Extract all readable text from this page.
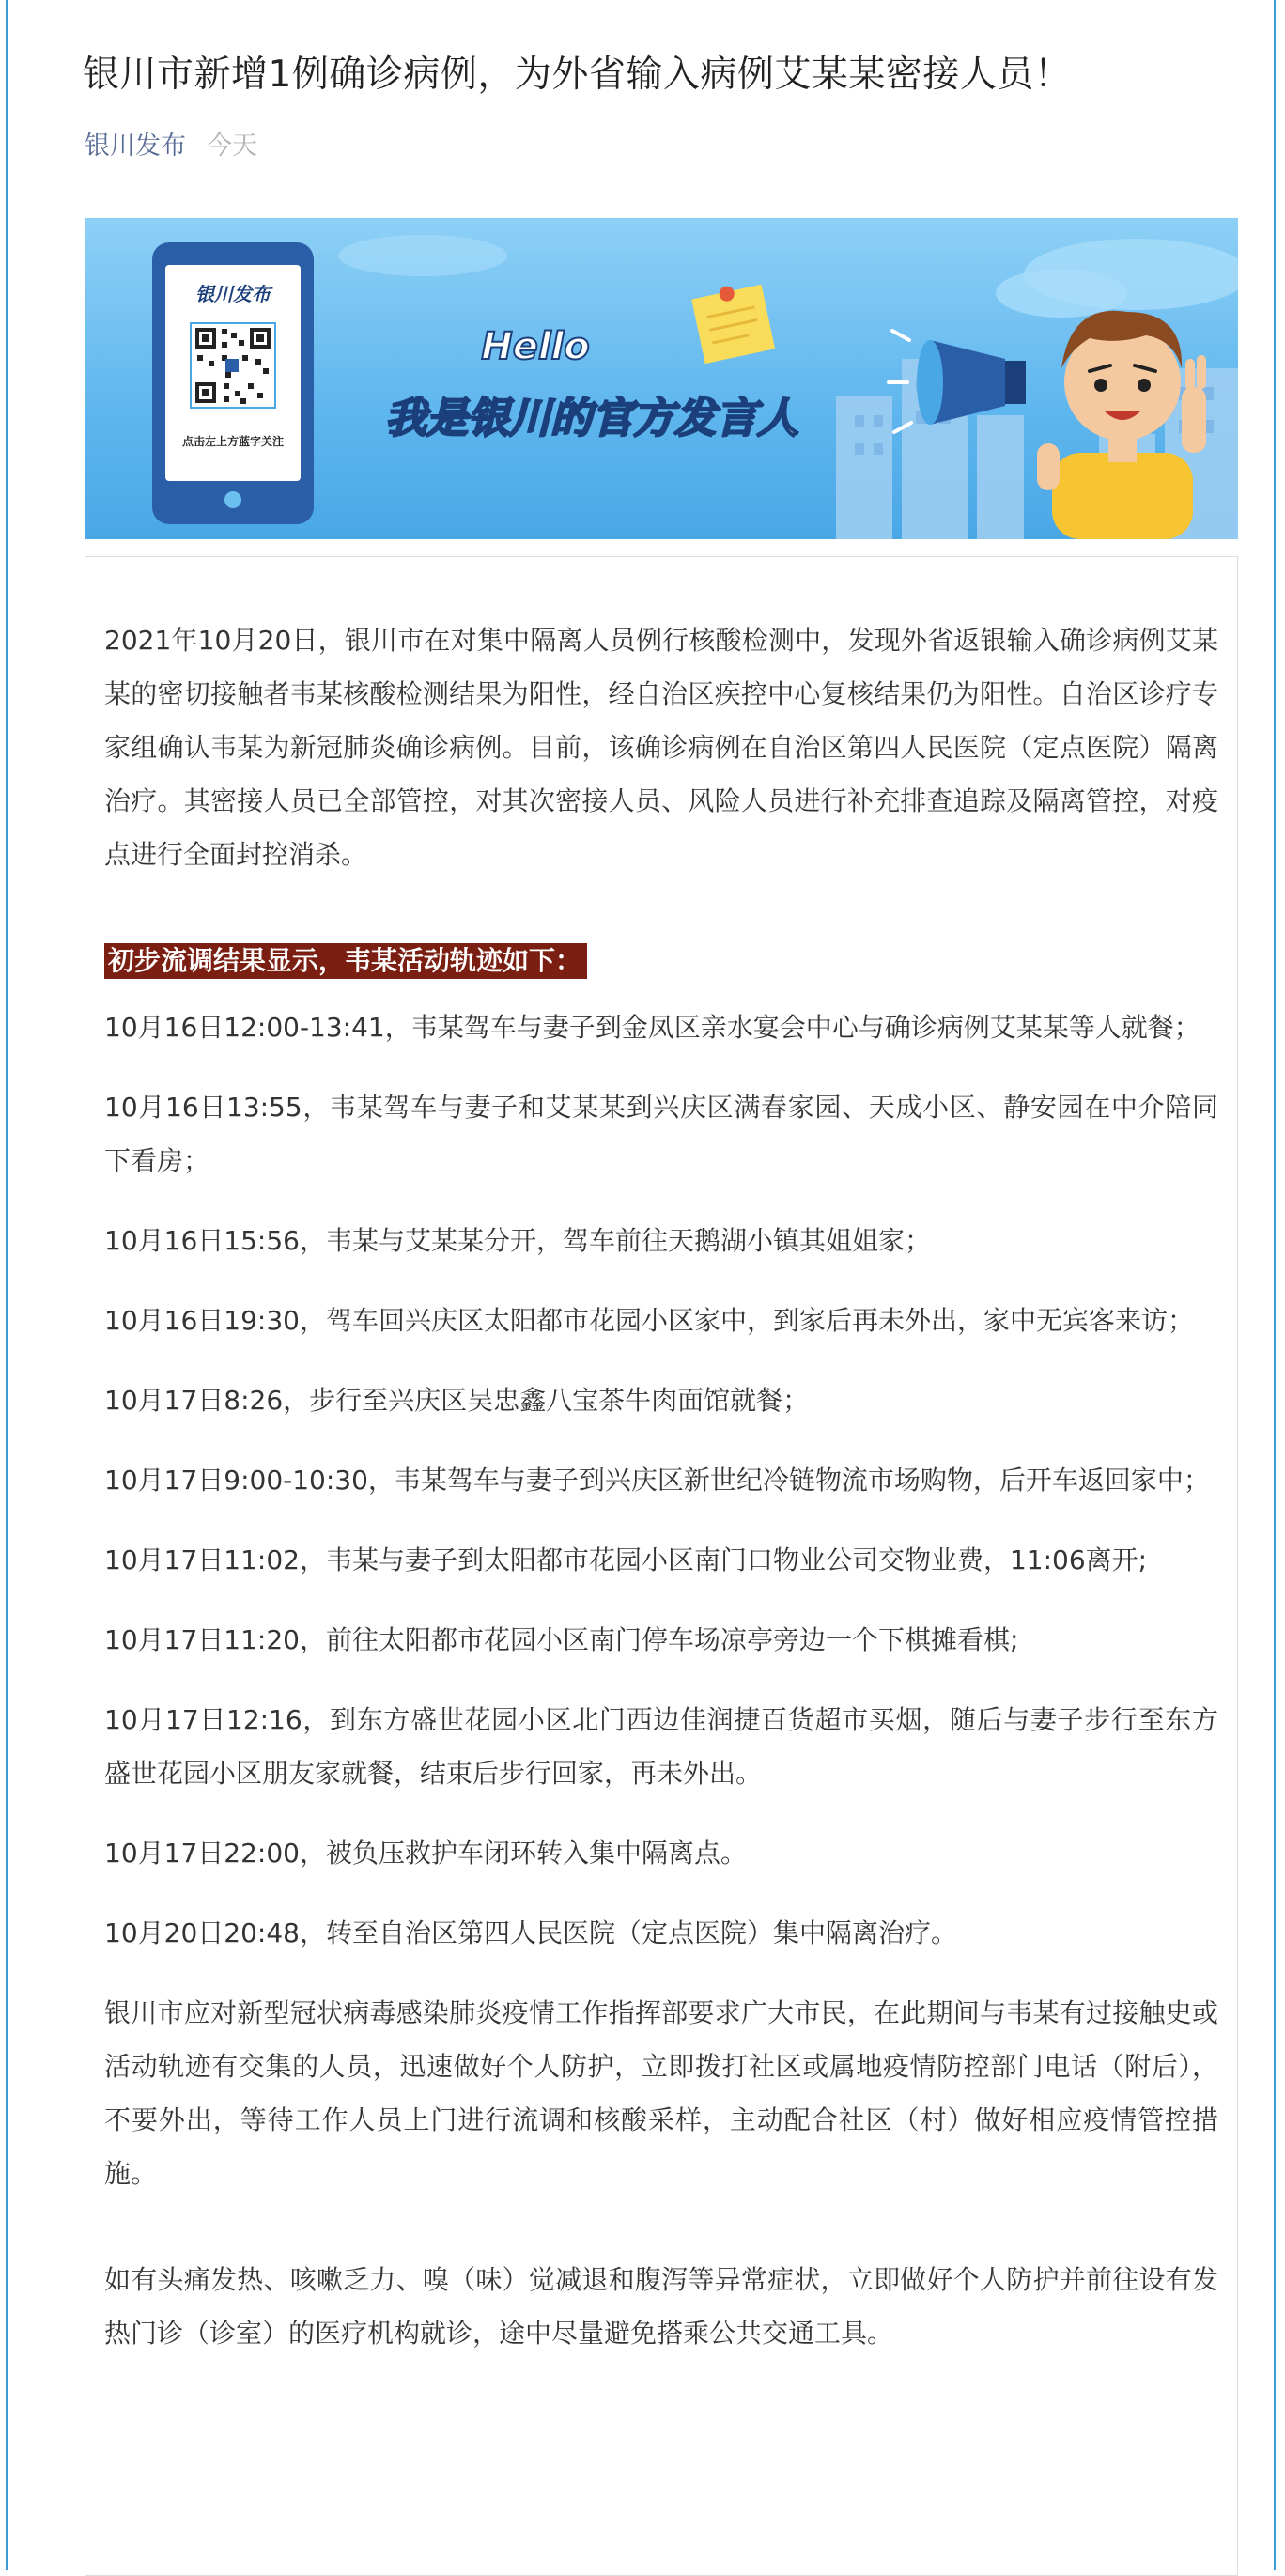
银川市新增1例确诊病例，为外省输入病例艾某某密接人员！
银川发布 今天
银川发布
点击左上方蓝字关注
Hello
我是银川的官方发言人

2021年10月20日，银川市在对集中隔离人员例行核酸检测中，发现外省返银输入确诊病例艾某某的密切接触者韦某核酸检测结果为阳性，经自治区疾控中心复核结果仍为阳性。自治区诊疗专家组确认韦某为新冠肺炎确诊病例。目前，该确诊病例在自治区第四人民医院（定点医院）隔离治疗。其密接人员已全部管控，对其次密接人员、风险人员进行补充排查追踪及隔离管控，对疫点进行全面封控消杀。

初步流调结果显示，韦某活动轨迹如下：

10月16日12:00-13:41，韦某驾车与妻子到金凤区亲水宴会中心与确诊病例艾某某等人就餐；

10月16日13:55，韦某驾车与妻子和艾某某到兴庆区满春家园、天成小区、静安园在中介陪同下看房；

10月16日15:56，韦某与艾某某分开，驾车前往天鹅湖小镇其姐姐家；

10月16日19:30，驾车回兴庆区太阳都市花园小区家中，到家后再未外出，家中无宾客来访；

10月17日8:26，步行至兴庆区吴忠鑫八宝茶牛肉面馆就餐；

10月17日9:00-10:30，韦某驾车与妻子到兴庆区新世纪冷链物流市场购物，后开车返回家中；

10月17日11:02，韦某与妻子到太阳都市花园小区南门口物业公司交物业费，11:06离开;

10月17日11:20，前往太阳都市花园小区南门停车场凉亭旁边一个下棋摊看棋;

10月17日12:16，到东方盛世花园小区北门西边佳润捷百货超市买烟，随后与妻子步行至东方盛世花园小区朋友家就餐，结束后步行回家，再未外出。

10月17日22:00，被负压救护车闭环转入集中隔离点。

10月20日20:48，转至自治区第四人民医院（定点医院）集中隔离治疗。

银川市应对新型冠状病毒感染肺炎疫情工作指挥部要求广大市民，在此期间与韦某有过接触史或活动轨迹有交集的人员，迅速做好个人防护，立即拨打社区或属地疫情防控部门电话（附后），不要外出，等待工作人员上门进行流调和核酸采样，主动配合社区（村）做好相应疫情管控措施。

如有头痛发热、咳嗽乏力、嗅（味）觉减退和腹泻等异常症状，立即做好个人防护并前往设有发热门诊（诊室）的医疗机构就诊，途中尽量避免搭乘公共交通工具。
